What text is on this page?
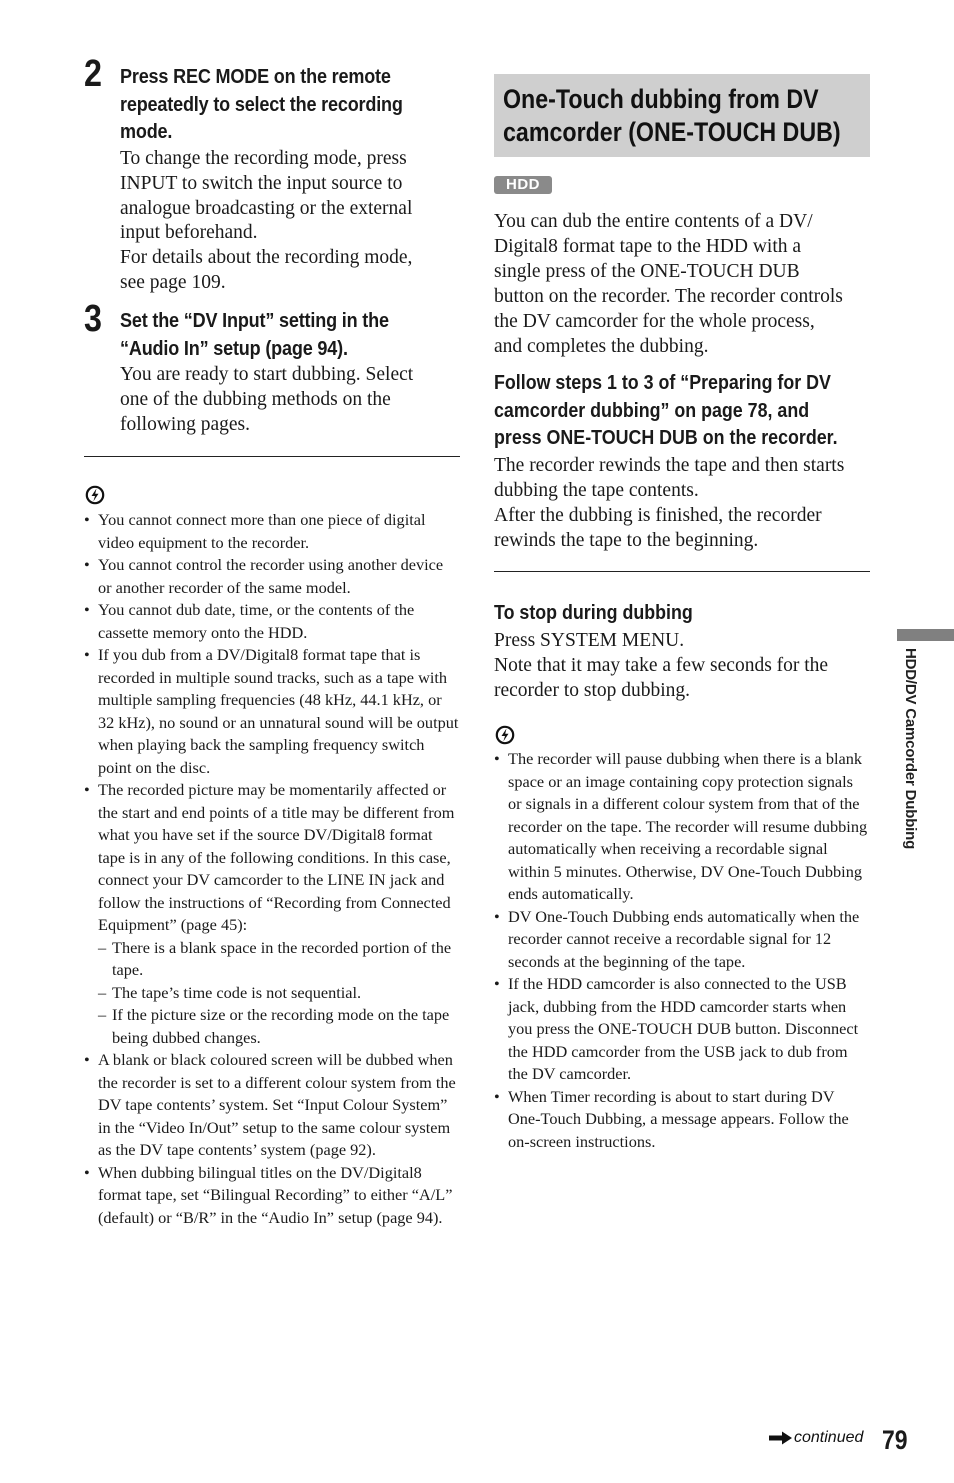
2 Press REC MODE on the remote
repeatedly to select the recording
mode.
To change the recording mode, press
INPUT to switch the input source to
analogue broadcasting or the external
input beforehand.
For details about the recording mode,
see page 109.
3 Set the “DV Input” setting in the
“Audio In” setup (page 94).
You are ready to start dubbing. Select
one of the dubbing methods on the
following pages.
• You cannot connect more than one piece of digital video equipment to the recorder.
• You cannot control the recorder using another device or another recorder of the same model.
• You cannot dub date, time, or the contents of the cassette memory onto the HDD.
• If you dub from a DV/Digital8 format tape that is recorded in multiple sound tracks, such as a tape with multiple sampling frequencies (48 kHz, 44.1 kHz, or 32 kHz), no sound or an unnatural sound will be output when playing back the sampling frequency switch point on the disc.
• The recorded picture may be momentarily affected or the start and end points of a title may be different from what you have set if the source DV/Digital8 format tape is in any of the following conditions. In this case, connect your DV camcorder to the LINE IN jack and follow the instructions of “Recording from Connected Equipment” (page 45):
– There is a blank space in the recorded portion of the tape.
– The tape’s time code is not sequential.
– If the picture size or the recording mode on the tape being dubbed changes.
• A blank or black coloured screen will be dubbed when the recorder is set to a different colour system from the DV tape contents’ system. Set “Input Colour System” in the “Video In/Out” setup to the same colour system as the DV tape contents’ system (page 92).
• When dubbing bilingual titles on the DV/Digital8 format tape, set “Bilingual Recording” to either “A/L” (default) or “B/R” in the “Audio In” setup (page 94).
One-Touch dubbing from DV
camcorder (ONE-TOUCH DUB)
HDD
You can dub the entire contents of a DV/
Digital8 format tape to the HDD with a
single press of the ONE-TOUCH DUB
button on the recorder. The recorder controls
the DV camcorder for the whole process,
and completes the dubbing.
Follow steps 1 to 3 of “Preparing for DV
camcorder dubbing” on page 78, and
press ONE-TOUCH DUB on the recorder.
The recorder rewinds the tape and then starts
dubbing the tape contents.
After the dubbing is finished, the recorder
rewinds the tape to the beginning.
To stop during dubbing
Press SYSTEM MENU.
Note that it may take a few seconds for the
recorder to stop dubbing.
• The recorder will pause dubbing when there is a blank space or an image containing copy protection signals or signals in a different colour system from that of the recorder on the tape. The recorder will resume dubbing automatically when receiving a recordable signal within 5 minutes. Otherwise, DV One-Touch Dubbing ends automatically.
• DV One-Touch Dubbing ends automatically when the recorder cannot receive a recordable signal for 12 seconds at the beginning of the tape.
• If the HDD camcorder is also connected to the USB jack, dubbing from the HDD camcorder starts when you press the ONE-TOUCH DUB button. Disconnect the HDD camcorder from the USB jack to dub from the DV camcorder.
• When Timer recording is about to start during DV One-Touch Dubbing, a message appears. Follow the on-screen instructions.
HDD/DV Camcorder Dubbing
continued 79
